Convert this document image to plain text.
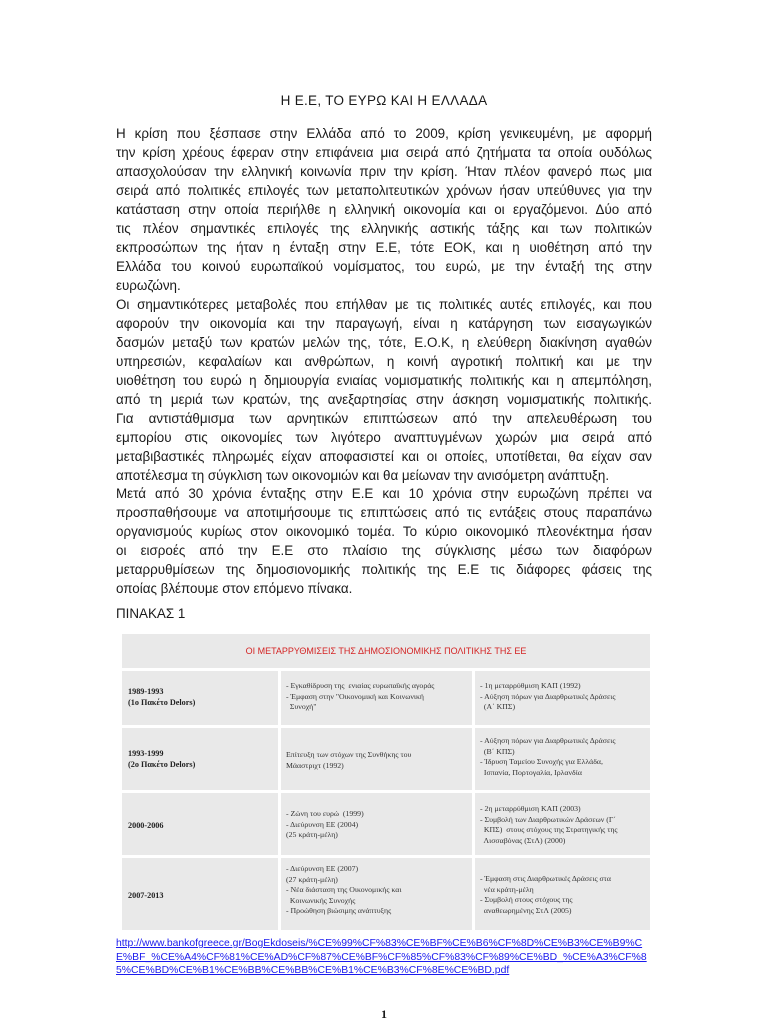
Η Ε.Ε, ΤΟ ΕΥΡΩ ΚΑΙ Η ΕΛΛΑΔΑ
Η κρίση που ξέσπασε στην Ελλάδα από το 2009, κρίση γενικευμένη, με αφορμή
την κρίση χρέους έφεραν στην επιφάνεια μια σειρά από ζητήματα τα οποία ουδόλως
απασχολούσαν την ελληνική κοινωνία πριν την κρίση. Ήταν πλέον φανερό πως μια
σειρά από πολιτικές επιλογές των μεταπολιτευτικών χρόνων ήσαν υπεύθυνες για την
κατάσταση στην οποία περιήλθε η ελληνική οικονομία και οι εργαζόμενοι. Δύο από
τις πλέον σημαντικές επιλογές της ελληνικής αστικής τάξης και των πολιτικών
εκπροσώπων της ήταν η ένταξη στην Ε.Ε, τότε ΕΟΚ, και η υιοθέτηση από την
Ελλάδα του κοινού ευρωπαϊκού νομίσματος, του ευρώ, με την ένταξή της στην
ευρωζώνη.
Οι σημαντικότερες μεταβολές που επήλθαν με τις πολιτικές αυτές επιλογές, και που
αφορούν την οικονομία και την παραγωγή, είναι η κατάργηση των εισαγωγικών
δασμών μεταξύ των κρατών μελών της, τότε, Ε.Ο.Κ, η ελεύθερη διακίνηση αγαθών
υπηρεσιών, κεφαλαίων και ανθρώπων, η κοινή αγροτική πολιτική και με την
υιοθέτηση του ευρώ η δημιουργία ενιαίας νομισματικής πολιτικής και η απεμπόληση,
από τη μεριά των κρατών, της ανεξαρτησίας στην άσκηση νομισματικής πολιτικής.
Για αντιστάθμισμα των αρνητικών επιπτώσεων από την απελευθέρωση του
εμπορίου στις οικονομίες των λιγότερο αναπτυγμένων χωρών μια σειρά από
μεταβιβαστικές πληρωμές είχαν αποφασιστεί και οι οποίες, υποτίθεται, θα είχαν σαν
αποτέλεσμα τη σύγκλιση των οικονομιών και θα μείωναν την ανισόμετρη ανάπτυξη.
Μετά από 30 χρόνια ένταξης στην Ε.Ε και 10 χρόνια στην ευρωζώνη πρέπει να
προσπαθήσουμε να αποτιμήσουμε τις επιπτώσεις από τις εντάξεις στους παραπάνω
οργανισμούς κυρίως στον οικονομικό τομέα. Το κύριο οικονομικό πλεονέκτημα ήσαν
οι εισροές από την Ε.Ε στο πλαίσιο της σύγκλισης μέσω των διαφόρων
μεταρρυθμίσεων της δημοσιονομικής πολιτικής της Ε.Ε τις διάφορες φάσεις της
οποίας βλέπουμε στον επόμενο πίνακα.
ΠΙΝΑΚΑΣ 1
ΟΙ ΜΕΤΑΡΡΥΘΜΙΣΕΙΣ ΤΗΣ ΔΗΜΟΣΙΟΝΟΜΙΚΗΣ ΠΟΛΙΤΙΚΗΣ ΤΗΣ ΕΕ
1989-1993
(1ο Πακέτο Delors)
- Εγκαθίδρυση της  ενιαίας ευρωπαϊκής αγοράς
- Έμφαση στην "Οικονομική και Κοινωνική
Συνοχή"
- 1η μεταρρύθμιση ΚΑΠ (1992)
- Αύξηση πόρων για Διαρθρωτικές Δράσεις
(Α΄ ΚΠΣ)
1993-1999
(2ο Πακέτο Delors)
Επίτευξη των στόχων της Συνθήκης του
Μάαστριχτ (1992)
- Αύξηση πόρων για Διαρθρωτικές Δράσεις
(Β΄ ΚΠΣ)
- Ίδρυση Ταμείου Συνοχής για Ελλάδα,
Ισπανία, Πορτογαλία, Ιρλανδία
2000-2006
- Ζώνη του ευρώ  (1999)
- Διεύρυνση ΕΕ (2004)
(25 κράτη-μέλη)
- 2η μεταρρύθμιση ΚΑΠ (2003)
- Συμβολή των Διαρθρωτικών Δράσεων (Γ΄
ΚΠΣ)  στους στόχους της Στρατηγικής της
Λισσαβόνας (ΣτΛ) (2000)
2007-2013
- Διεύρυνση ΕΕ (2007)
(27 κράτη-μέλη)
- Νέα διάσταση της Οικονομικής και
Κοινωνικής Συνοχής
- Προώθηση βιώσιμης ανάπτυξης
- Έμφαση στις Διαρθρωτικές Δράσεις στα
νέα κράτη-μέλη
- Συμβολή στους στόχους της
αναθεωρημένης ΣτΛ (2005)
http://www.bankofgreece.gr/BogEkdoseis/%CE%99%CF%83%CE%BF%CE%B6%CF%8D%CE%B3%CE%B9%CE%BF_%CE%A4%CF%81%CE%AD%CF%87%CE%BF%CF%85%CF%83%CF%89%CE%BD_%CE%A3%CF%85%CE%BD%CE%B1%CE%BB%CE%BB%CE%B1%CE%B3%CF%8E%CE%BD.pdf
1
